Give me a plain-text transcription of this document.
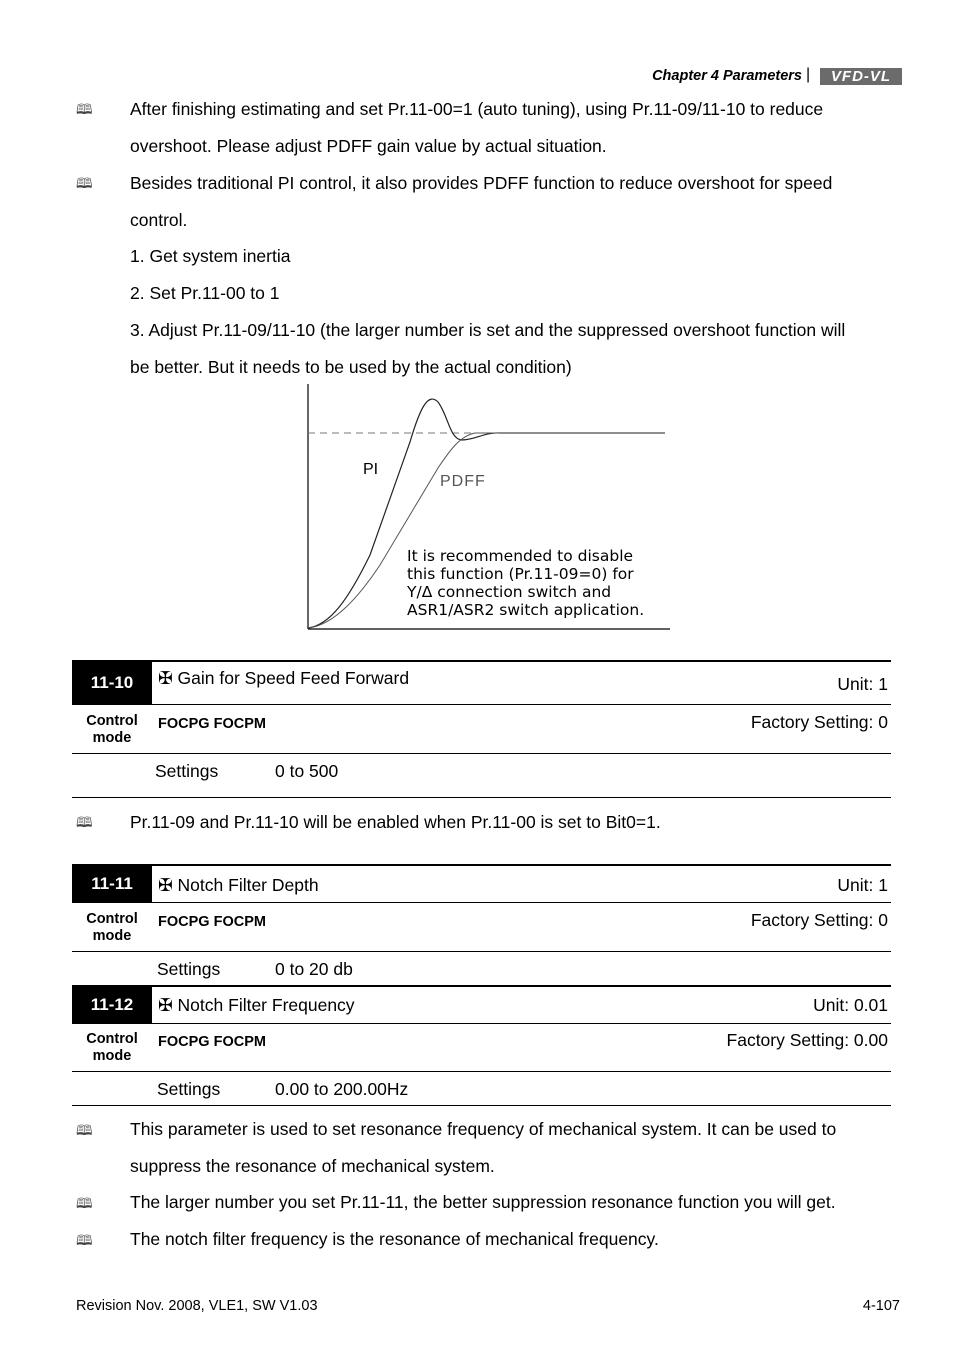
Chapter 4 Parameters |	VFD-VL
🕮 After finishing estimating and set Pr.11-00=1 (auto tuning), using Pr.11-09/11-10 to reduce
overshoot. Please adjust PDFF gain value by actual situation.
🕮 Besides traditional PI control, it also provides PDFF function to reduce overshoot for speed
control.
1. Get system inertia
2. Set Pr.11-00 to 1
3. Adjust Pr.11-09/11-10 (the larger number is set and the suppressed overshoot function will
be better. But it needs to be used by the actual condition)
PI
PDFF
It is recommended to disable
this function (Pr.11-09=0) for
Y/Δ connection switch and
ASR1/ASR2 switch application.
11-10	✠ Gain for Speed Feed Forward	Unit: 1
Control
mode
FOCPG FOCPM	Factory Setting: 0
Settings	0 to 500
🕮 Pr.11-09 and Pr.11-10 will be enabled when Pr.11-00 is set to Bit0=1.
11-11	✠ Notch Filter Depth	Unit: 1
Control
mode
FOCPG FOCPM	Factory Setting: 0
Settings	0 to 20 db
11-12	✠ Notch Filter Frequency	Unit: 0.01
Control
mode
FOCPG FOCPM	Factory Setting: 0.00
Settings	0.00 to 200.00Hz
🕮 This parameter is used to set resonance frequency of mechanical system. It can be used to
suppress the resonance of mechanical system.
🕮 The larger number you set Pr.11-11, the better suppression resonance function you will get.
🕮 The notch filter frequency is the resonance of mechanical frequency.
Revision Nov. 2008, VLE1, SW V1.03	4-107
